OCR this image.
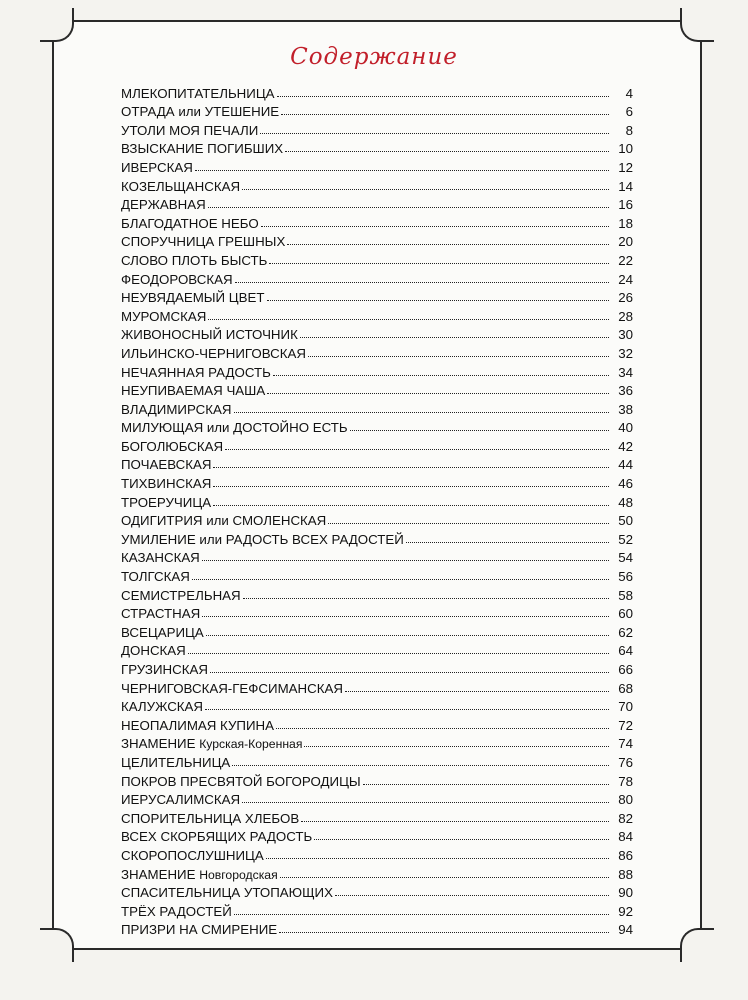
Содержание
МЛЕКОПИТАТЕЛЬНИЦА	4
ОТРАДА или УТЕШЕНИЕ	6
УТОЛИ МОЯ ПЕЧАЛИ	8
ВЗЫСКАНИЕ ПОГИБШИХ	10
ИВЕРСКАЯ	12
КОЗЕЛЬЩАНСКАЯ	14
ДЕРЖАВНАЯ	16
БЛАГОДАТНОЕ НЕБО	18
СПОРУЧНИЦА ГРЕШНЫХ	20
СЛОВО ПЛОТЬ БЫСТЬ	22
ФЕОДОРОВСКАЯ	24
НЕУВЯДАЕМЫЙ ЦВЕТ	26
МУРОМСКАЯ	28
ЖИВОНОСНЫЙ ИСТОЧНИК	30
ИЛЬИНСКО-ЧЕРНИГОВСКАЯ	32
НЕЧАЯННАЯ РАДОСТЬ	34
НЕУПИВАЕМАЯ ЧАША	36
ВЛАДИМИРСКАЯ	38
МИЛУЮЩАЯ или ДОСТОЙНО ЕСТЬ	40
БОГОЛЮБСКАЯ	42
ПОЧАЕВСКАЯ	44
ТИХВИНСКАЯ	46
ТРОЕРУЧИЦА	48
ОДИГИТРИЯ или СМОЛЕНСКАЯ	50
УМИЛЕНИЕ или РАДОСТЬ ВСЕХ РАДОСТЕЙ	52
КАЗАНСКАЯ	54
ТОЛГСКАЯ	56
СЕМИСТРЕЛЬНАЯ	58
СТРАСТНАЯ	60
ВСЕЦАРИЦА	62
ДОНСКАЯ	64
ГРУЗИНСКАЯ	66
ЧЕРНИГОВСКАЯ-ГЕФСИМАНСКАЯ	68
КАЛУЖСКАЯ	70
НЕОПАЛИМАЯ КУПИНА	72
ЗНАМЕНИЕ Курская-Коренная	74
ЦЕЛИТЕЛЬНИЦА	76
ПОКРОВ ПРЕСВЯТОЙ БОГОРОДИЦЫ	78
ИЕРУСАЛИМСКАЯ	80
СПОРИТЕЛЬНИЦА ХЛЕБОВ	82
ВСЕХ СКОРБЯЩИХ РАДОСТЬ	84
СКОРОПОСЛУШНИЦА	86
ЗНАМЕНИЕ Новгородская	88
СПАСИТЕЛЬНИЦА УТОПАЮЩИХ	90
ТРЁХ РАДОСТЕЙ	92
ПРИЗРИ НА СМИРЕНИЕ	94
